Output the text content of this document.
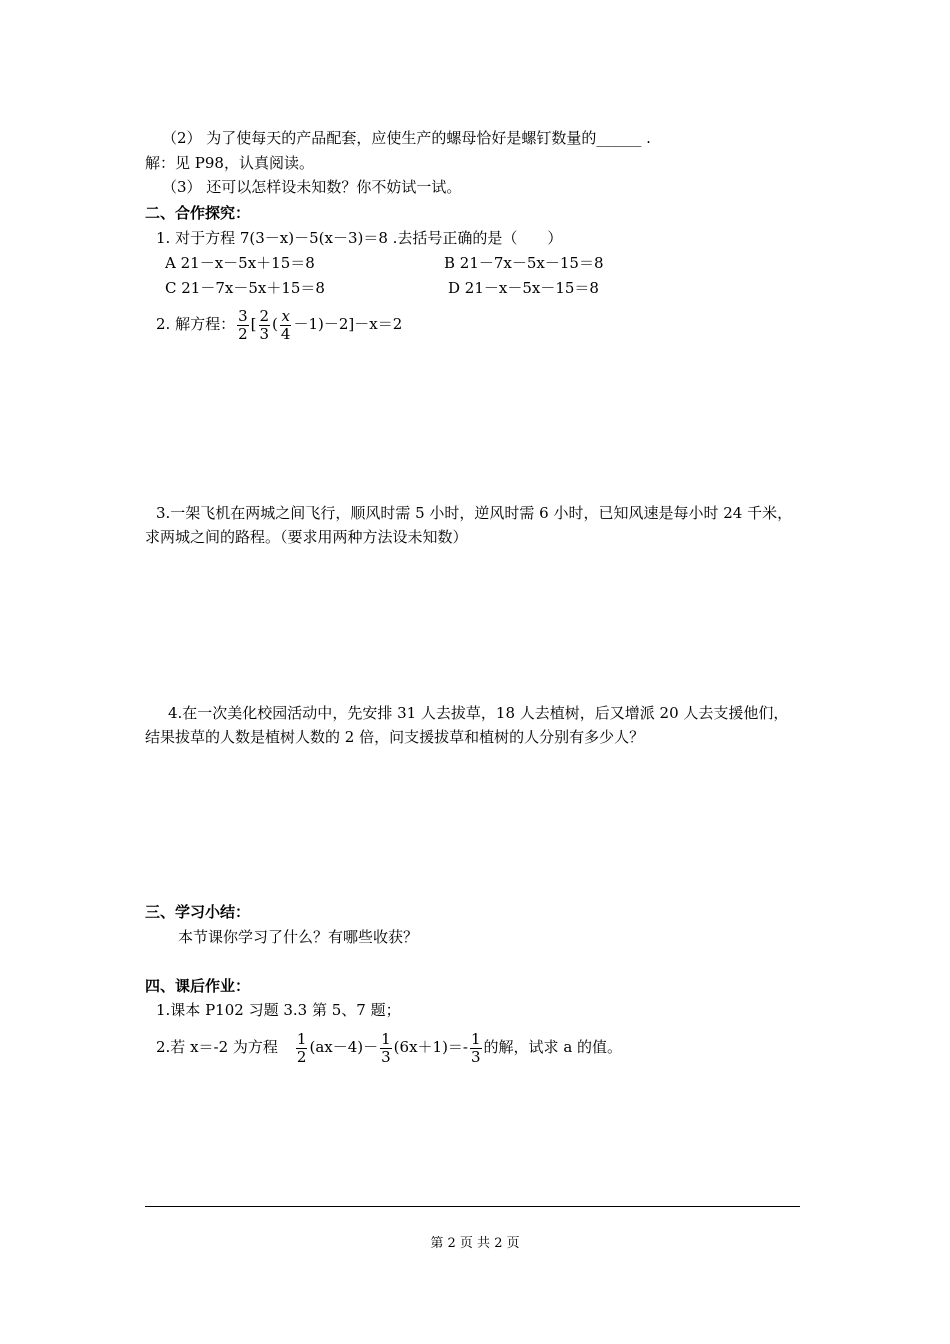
（2） 为了使每天的产品配套，应使生产的螺母恰好是螺钉数量的______ .
解：见 P98，认真阅读。
（3） 还可以怎样设未知数？你不妨试一试。
二、合作探究：
1. 对于方程 7(3－x)－5(x－3)＝8 .去括号正确的是（　　）
A 21－x－5x＋15＝8	B 21－7x－5x－15＝8
C 21－7x－5x＋15＝8	D 21－x－5x－15＝8
2. 解方程： $\frac{3}{2}$ [ $\frac{2}{3}$ ( $\frac{x}{4} -1)-2]-x=2$
3.一架飞机在两城之间飞行，顺风时需 5 小时，逆风时需 6 小时，已知风速是每小时 24 千米，
求两城之间的路程。（要求用两种方法设未知数）
4.在一次美化校园活动中，先安排 31 人去拔草，18 人去植树，后又增派 20 人去支援他们，
结果拔草的人数是植树人数的 2 倍，问支援拔草和植树的人分别有多少人？
三、学习小结：
本节课你学习了什么？有哪些收获？
四、课后作业：
1.课本 P102 习题 3.3 第 5、7 题；
2.若 x＝-2 为方程 $\frac{1}{2} (ax-4)- \frac{1}{3} (6x+1)=- \frac{1}{3}$ 的解，试求 a 的值。
第 2 页 共 2 页
